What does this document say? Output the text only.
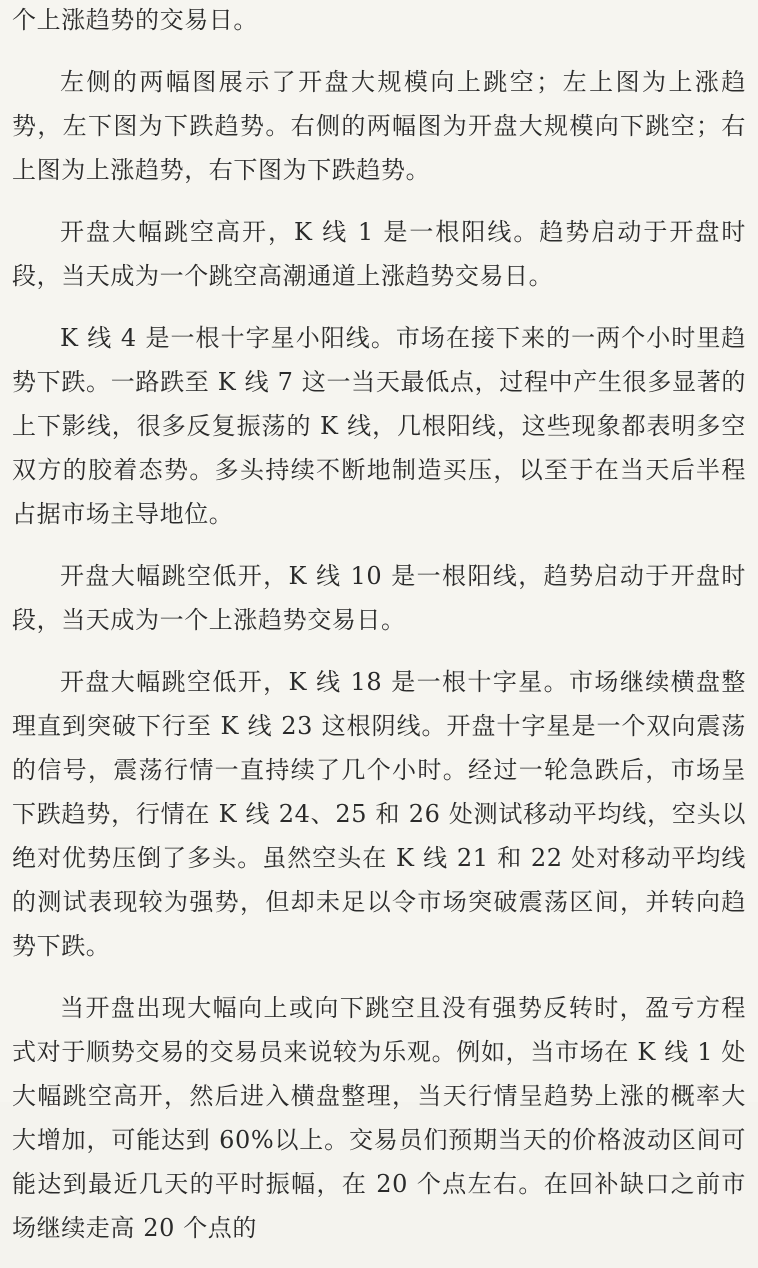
个上涨趋势的交易日。

左侧的两幅图展示了开盘大规模向上跳空；左上图为上涨趋势，左下图为下跌趋势。右侧的两幅图为开盘大规模向下跳空；右上图为上涨趋势，右下图为下跌趋势。

开盘大幅跳空高开，K 线 1 是一根阳线。趋势启动于开盘时段，当天成为一个跳空高潮通道上涨趋势交易日。

K 线 4 是一根十字星小阳线。市场在接下来的一两个小时里趋势下跌。一路跌至 K 线 7 这一当天最低点，过程中产生很多显著的上下影线，很多反复振荡的 K 线，几根阳线，这些现象都表明多空双方的胶着态势。多头持续不断地制造买压，以至于在当天后半程占据市场主导地位。

开盘大幅跳空低开，K 线 10 是一根阳线，趋势启动于开盘时段，当天成为一个上涨趋势交易日。

开盘大幅跳空低开，K 线 18 是一根十字星。市场继续横盘整理直到突破下行至 K 线 23 这根阴线。开盘十字星是一个双向震荡的信号，震荡行情一直持续了几个小时。经过一轮急跌后，市场呈下跌趋势，行情在 K 线 24、25 和 26 处测试移动平均线，空头以绝对优势压倒了多头。虽然空头在 K 线 21 和 22 处对移动平均线的测试表现较为强势，但却未足以令市场突破震荡区间，并转向趋势下跌。

当开盘出现大幅向上或向下跳空且没有强势反转时，盈亏方程式对于顺势交易的交易员来说较为乐观。例如，当市场在 K 线 1 处大幅跳空高开，然后进入横盘整理，当天行情呈趋势上涨的概率大大增加，可能达到 60%以上。交易员们预期当天的价格波动区间可能达到最近几天的平时振幅，在 20 个点左右。在回补缺口之前市场继续走高 20 个点的
